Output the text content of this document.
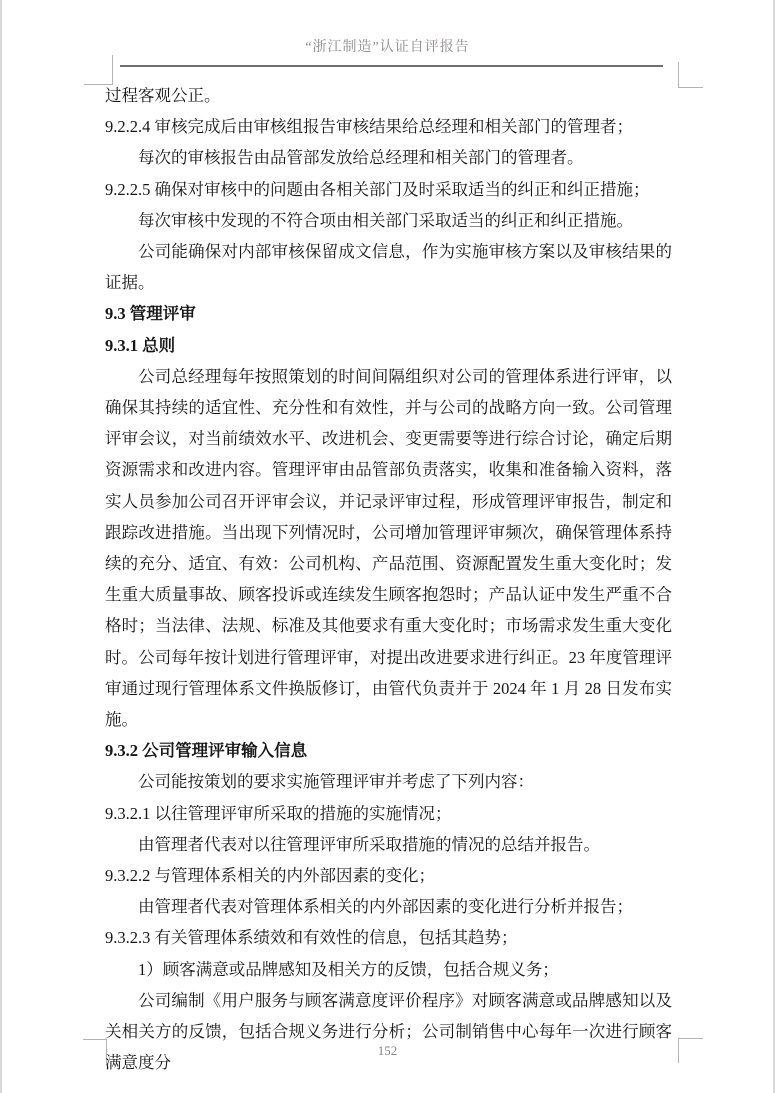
“浙江制造”认证自评报告

过程客观公正。

9.2.2.4 审核完成后由审核组报告审核结果给总经理和相关部门的管理者；

每次的审核报告由品管部发放给总经理和相关部门的管理者。

9.2.2.5 确保对审核中的问题由各相关部门及时采取适当的纠正和纠正措施；

每次审核中发现的不符合项由相关部门采取适当的纠正和纠正措施。

公司能确保对内部审核保留成文信息，作为实施审核方案以及审核结果的证据。

9.3 管理评审

9.3.1 总则

公司总经理每年按照策划的时间间隔组织对公司的管理体系进行评审，以确保其持续的适宜性、充分性和有效性，并与公司的战略方向一致。公司管理评审会议，对当前绩效水平、改进机会、变更需要等进行综合讨论，确定后期资源需求和改进内容。管理评审由品管部负责落实，收集和准备输入资料，落实人员参加公司召开评审会议，并记录评审过程，形成管理评审报告，制定和跟踪改进措施。当出现下列情况时，公司增加管理评审频次，确保管理体系持续的充分、适宜、有效：公司机构、产品范围、资源配置发生重大变化时；发生重大质量事故、顾客投诉或连续发生顾客抱怨时；产品认证中发生严重不合格时；当法律、法规、标准及其他要求有重大变化时；市场需求发生重大变化时。公司每年按计划进行管理评审，对提出改进要求进行纠正。23 年度管理评审通过现行管理体系文件换版修订，由管代负责并于 2024 年 1 月 28 日发布实施。

9.3.2 公司管理评审输入信息

公司能按策划的要求实施管理评审并考虑了下列内容：

9.3.2.1 以往管理评审所采取的措施的实施情况；

由管理者代表对以往管理评审所采取措施的情况的总结并报告。

9.3.2.2 与管理体系相关的内外部因素的变化；

由管理者代表对管理体系相关的内外部因素的变化进行分析并报告；

9.3.2.3 有关管理体系绩效和有效性的信息，包括其趋势；

1）顾客满意或品牌感知及相关方的反馈，包括合规义务；

公司编制《用户服务与顾客满意度评价程序》对顾客满意或品牌感知以及关相关方的反馈，包括合规义务进行分析；公司制销售中心每年一次进行顾客满意度分

152
